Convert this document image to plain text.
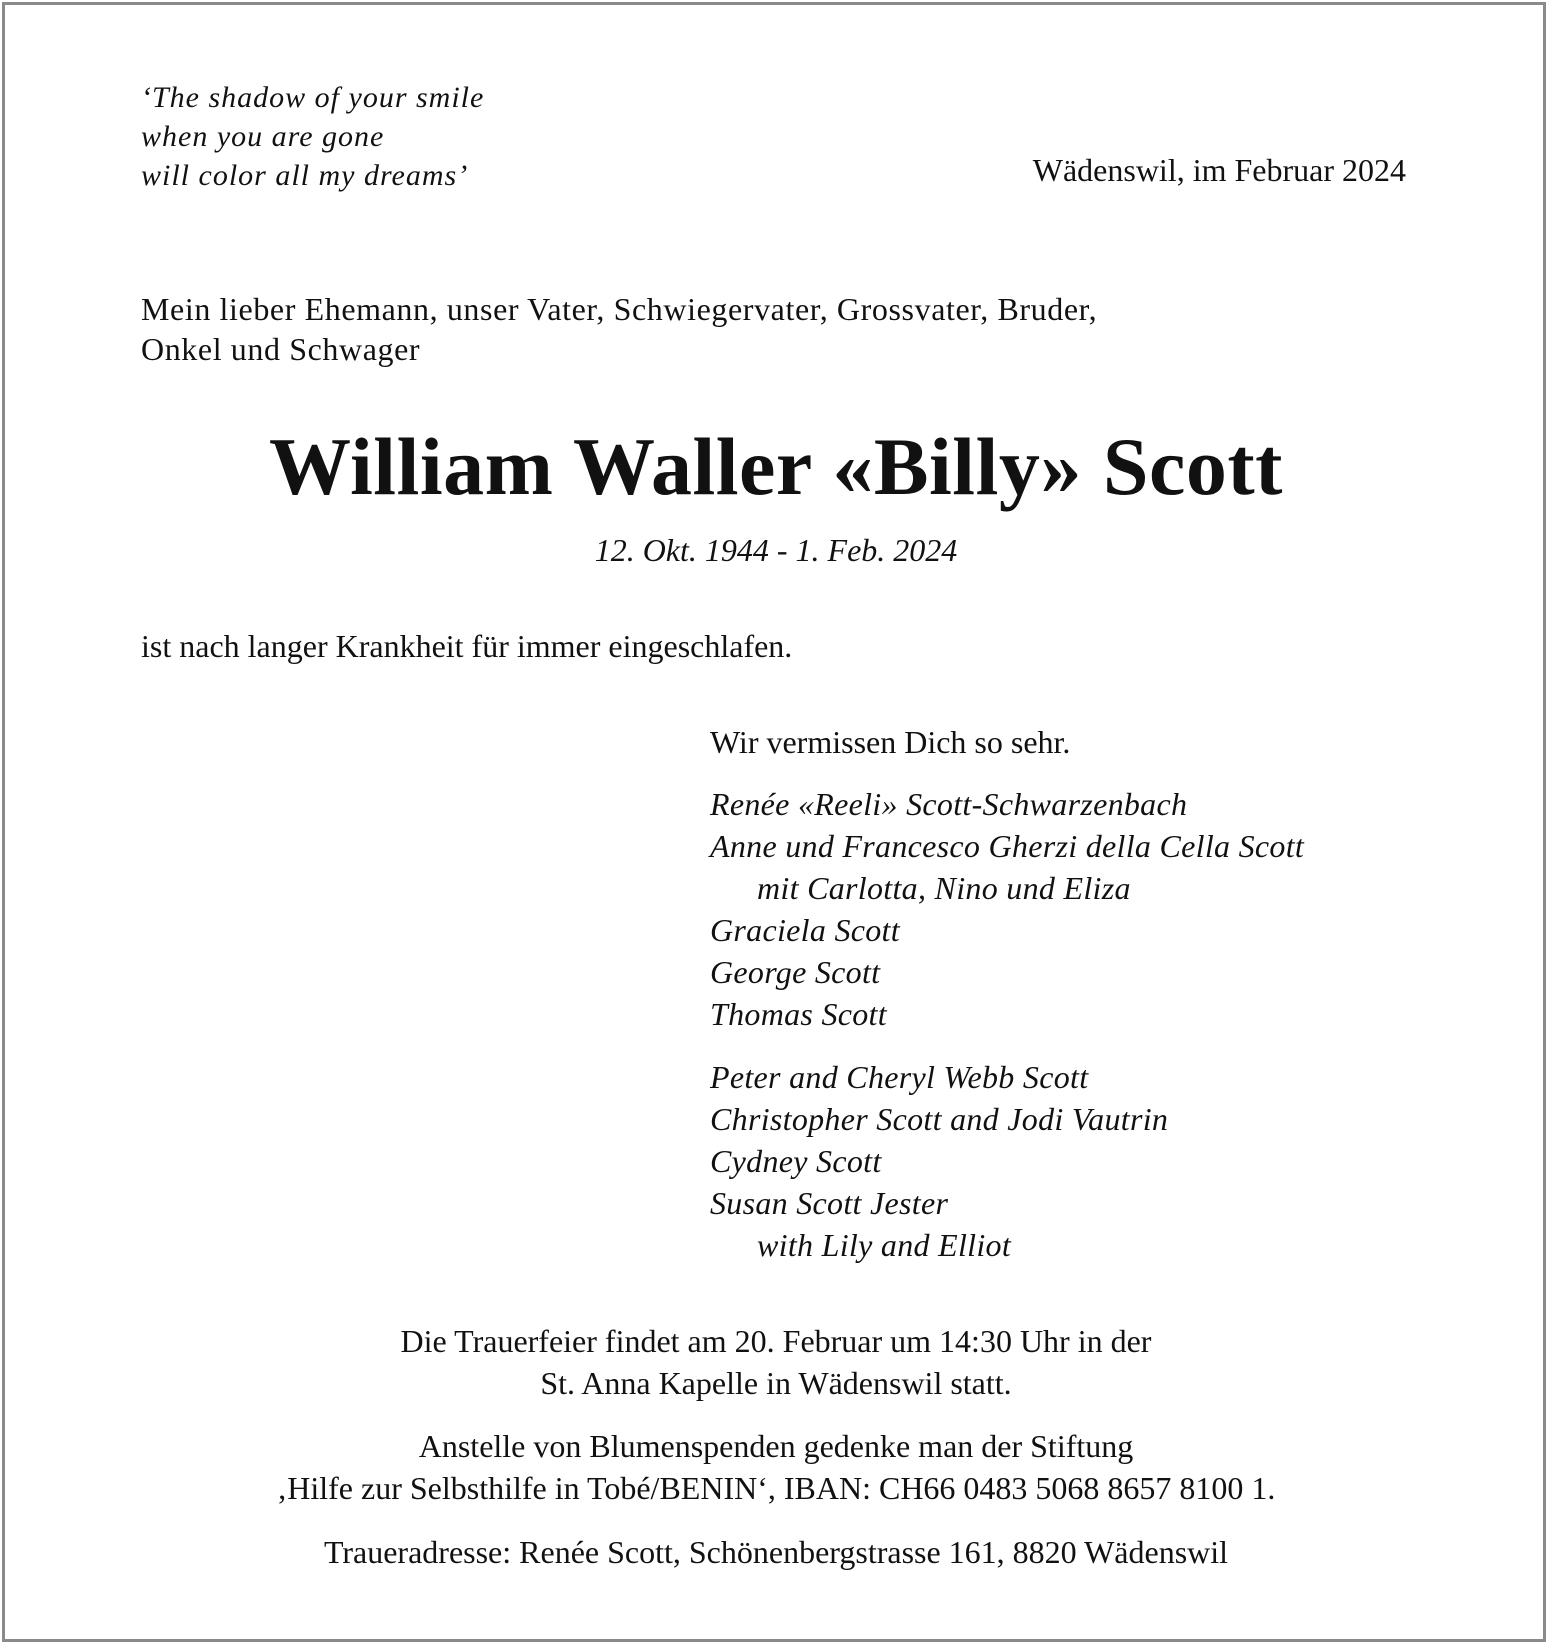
‘The shadow of your smile
when you are gone
will color all my dreams’	Wädenswil, im Februar 2024
Mein lieber Ehemann, unser Vater, Schwiegervater, Grossvater, Bruder,
Onkel und Schwager
William Waller «Billy» Scott
12. Okt. 1944 - 1. Feb. 2024
ist nach langer Krankheit für immer eingeschlafen.
Wir vermissen Dich so sehr.
Renée «Reeli» Scott-Schwarzenbach
Anne und Francesco Gherzi della Cella Scott
mit Carlotta, Nino und Eliza
Graciela Scott
George Scott
Thomas Scott
Peter and Cheryl Webb Scott
Christopher Scott and Jodi Vautrin
Cydney Scott
Susan Scott Jester
with Lily and Elliot
Die Trauerfeier findet am 20. Februar um 14:30 Uhr in der
St. Anna Kapelle in Wädenswil statt.
Anstelle von Blumenspenden gedenke man der Stiftung
‚Hilfe zur Selbsthilfe in Tobé/BENIN‘, IBAN: CH66 0483 5068 8657 8100 1.
Traueradresse: Renée Scott, Schönenbergstrasse 161, 8820 Wädenswil
